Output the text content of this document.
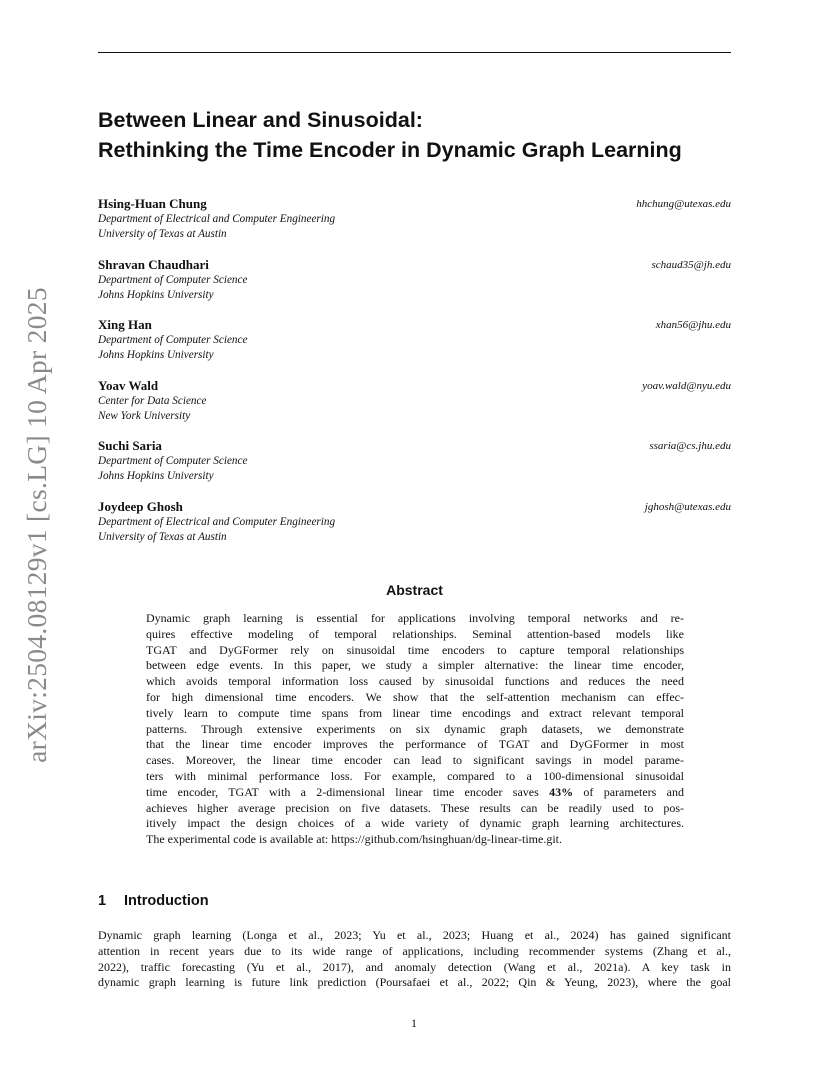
arXiv:2504.08129v1 [cs.LG] 10 Apr 2025
Between Linear and Sinusoidal:
Rethinking the Time Encoder in Dynamic Graph Learning
Hsing-Huan Chung	hhchung@utexas.edu
Department of Electrical and Computer Engineering
University of Texas at Austin
Shravan Chaudhari	schaud35@jh.edu
Department of Computer Science
Johns Hopkins University
Xing Han	xhan56@jhu.edu
Department of Computer Science
Johns Hopkins University
Yoav Wald	yoav.wald@nyu.edu
Center for Data Science
New York University
Suchi Saria	ssaria@cs.jhu.edu
Department of Computer Science
Johns Hopkins University
Joydeep Ghosh	jghosh@utexas.edu
Department of Electrical and Computer Engineering
University of Texas at Austin
Abstract
Dynamic graph learning is essential for applications involving temporal networks and re-
quires effective modeling of temporal relationships. Seminal attention-based models like
TGAT and DyGFormer rely on sinusoidal time encoders to capture temporal relationships
between edge events. In this paper, we study a simpler alternative: the linear time encoder,
which avoids temporal information loss caused by sinusoidal functions and reduces the need
for high dimensional time encoders. We show that the self-attention mechanism can effec-
tively learn to compute time spans from linear time encodings and extract relevant temporal
patterns. Through extensive experiments on six dynamic graph datasets, we demonstrate
that the linear time encoder improves the performance of TGAT and DyGFormer in most
cases. Moreover, the linear time encoder can lead to significant savings in model parame-
ters with minimal performance loss. For example, compared to a 100-dimensional sinusoidal
time encoder, TGAT with a 2-dimensional linear time encoder saves 43% of parameters and
achieves higher average precision on five datasets. These results can be readily used to pos-
itively impact the design choices of a wide variety of dynamic graph learning architectures.
The experimental code is available at: https://github.com/hsinghuan/dg-linear-time.git.
1 Introduction
Dynamic graph learning (Longa et al., 2023; Yu et al., 2023; Huang et al., 2024) has gained significant
attention in recent years due to its wide range of applications, including recommender systems (Zhang et al.,
2022), traffic forecasting (Yu et al., 2017), and anomaly detection (Wang et al., 2021a). A key task in
dynamic graph learning is future link prediction (Poursafaei et al., 2022; Qin & Yeung, 2023), where the goal
1
